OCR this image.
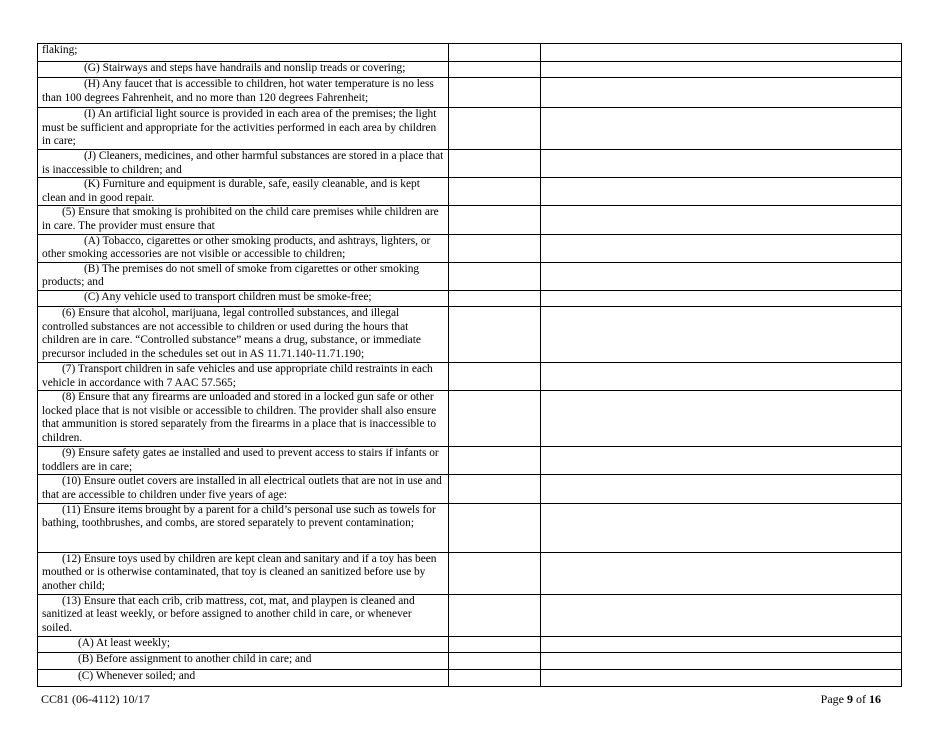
flaking;		
(G) Stairways and steps have handrails and nonslip treads or covering;		
(H) Any faucet that is accessible to children, hot water temperature is no less than 100 degrees Fahrenheit, and no more than 120 degrees Fahrenheit;		
(I) An artificial light source is provided in each area of the premises; the light must be sufficient and appropriate for the activities performed in each area by children in care;		
(J) Cleaners, medicines, and other harmful substances are stored in a place that is inaccessible to children; and		
(K) Furniture and equipment is durable, safe, easily cleanable, and is kept clean and in good repair.		
(5) Ensure that smoking is prohibited on the child care premises while children are in care. The provider must ensure that		
(A) Tobacco, cigarettes or other smoking products, and ashtrays, lighters, or other smoking accessories are not visible or accessible to children;		
(B) The premises do not smell of smoke from cigarettes or other smoking products; and		
(C) Any vehicle used to transport children must be smoke-free;		
(6) Ensure that alcohol, marijuana, legal controlled substances, and illegal controlled substances are not accessible to children or used during the hours that children are in care. “Controlled substance” means a drug, substance, or immediate precursor included in the schedules set out in AS 11.71.140-11.71.190;		
(7) Transport children in safe vehicles and use appropriate child restraints in each vehicle in accordance with 7 AAC 57.565;		
(8) Ensure that any firearms are unloaded and stored in a locked gun safe or other locked place that is not visible or accessible to children. The provider shall also ensure that ammunition is stored separately from the firearms in a place that is inaccessible to children.		
(9) Ensure safety gates ae installed and used to prevent access to stairs if infants or toddlers are in care;		
(10) Ensure outlet covers are installed in all electrical outlets that are not in use and that are accessible to children under five years of age:		
(11) Ensure items brought by a parent for a child’s personal use such as towels for bathing, toothbrushes, and combs, are stored separately to prevent contamination;		
(12) Ensure toys used by children are kept clean and sanitary and if a toy has been mouthed or is otherwise contaminated, that toy is cleaned an sanitized before use by another child;		
(13) Ensure that each crib, crib mattress, cot, mat, and playpen is cleaned and sanitized at least weekly, or before assigned to another child in care, or whenever soiled.		
(A) At least weekly;		
(B) Before assignment to another child in care; and		
(C) Whenever soiled; and		
CC81 (06-4112) 10/17	Page 9 of 16
